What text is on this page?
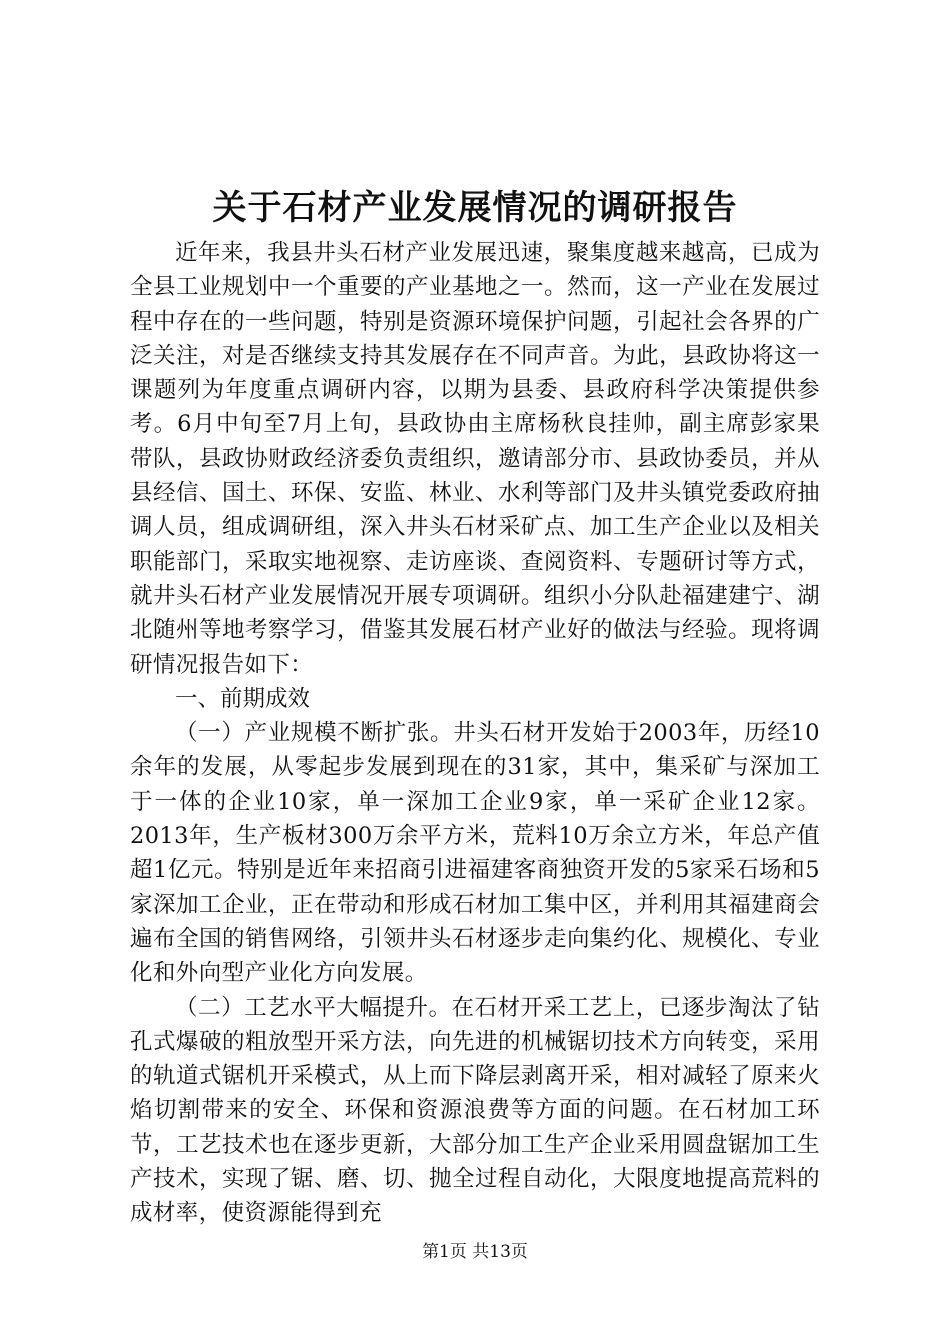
关于石材产业发展情况的调研报告

近年来，我县井头石材产业发展迅速，聚集度越来越高，已成为全县工业规划中一个重要的产业基地之一。然而，这一产业在发展过程中存在的一些问题，特别是资源环境保护问题，引起社会各界的广泛关注，对是否继续支持其发展存在不同声音。为此，县政协将这一课题列为年度重点调研内容，以期为县委、县政府科学决策提供参考。6月中旬至7月上旬，县政协由主席杨秋良挂帅，副主席彭家果带队，县政协财政经济委负责组织，邀请部分市、县政协委员，并从县经信、国土、环保、安监、林业、水利等部门及井头镇党委政府抽调人员，组成调研组，深入井头石材采矿点、加工生产企业以及相关职能部门，采取实地视察、走访座谈、查阅资料、专题研讨等方式，就井头石材产业发展情况开展专项调研。组织小分队赴福建建宁、湖北随州等地考察学习，借鉴其发展石材产业好的做法与经验。现将调研情况报告如下：

一、前期成效

（一）产业规模不断扩张。井头石材开发始于2003年，历经10余年的发展，从零起步发展到现在的31家，其中，集采矿与深加工于一体的企业10家，单一深加工企业9家，单一采矿企业12家。2013年，生产板材300万余平方米，荒料10万余立方米，年总产值超1亿元。特别是近年来招商引进福建客商独资开发的5家采石场和5家深加工企业，正在带动和形成石材加工集中区，并利用其福建商会遍布全国的销售网络，引领井头石材逐步走向集约化、规模化、专业化和外向型产业化方向发展。

（二）工艺水平大幅提升。在石材开采工艺上，已逐步淘汰了钻孔式爆破的粗放型开采方法，向先进的机械锯切技术方向转变，采用的轨道式锯机开采模式，从上而下降层剥离开采，相对减轻了原来火焰切割带来的安全、环保和资源浪费等方面的问题。在石材加工环节，工艺技术也在逐步更新，大部分加工生产企业采用圆盘锯加工生产技术，实现了锯、磨、切、抛全过程自动化，大限度地提高荒料的成材率，使资源能得到充

第1页 共13页
